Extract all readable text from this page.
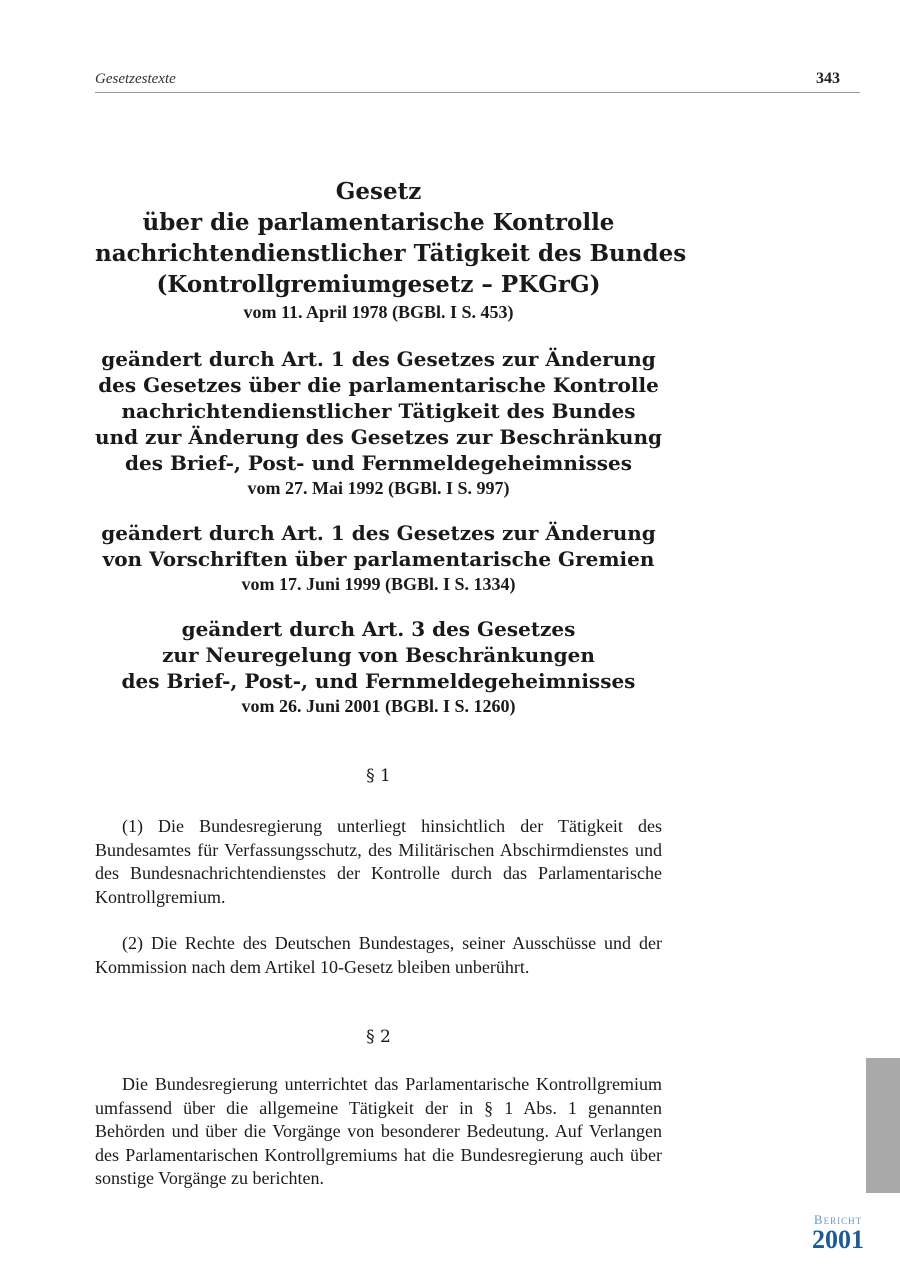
Gesetzestexte	343
Gesetz
über die parlamentarische Kontrolle
nachrichtendienstlicher Tätigkeit des Bundes
(Kontrollgremiumgesetz – PKGrG)
vom 11. April 1978 (BGBl. I S. 453)
geändert durch Art. 1 des Gesetzes zur Änderung
des Gesetzes über die parlamentarische Kontrolle
nachrichtendienstlicher Tätigkeit des Bundes
und zur Änderung des Gesetzes zur Beschränkung
des Brief-, Post- und Fernmeldegeheimnisses
vom 27. Mai 1992 (BGBl. I S. 997)
geändert durch Art. 1 des Gesetzes zur Änderung
von Vorschriften über parlamentarische Gremien
vom 17. Juni 1999 (BGBl. I S. 1334)
geändert durch Art. 3 des Gesetzes
zur Neuregelung von Beschränkungen
des Brief-, Post-, und Fernmeldegeheimnisses
vom 26. Juni 2001 (BGBl. I S. 1260)
§ 1
(1) Die Bundesregierung unterliegt hinsichtlich der Tätigkeit des Bundesamtes für Verfassungsschutz, des Militärischen Abschirmdienstes und des Bundesnachrichtendienstes der Kontrolle durch das Parlamentarische Kontrollgremium.
(2) Die Rechte des Deutschen Bundestages, seiner Ausschüsse und der Kommission nach dem Artikel 10-Gesetz bleiben unberührt.
§ 2
Die Bundesregierung unterrichtet das Parlamentarische Kontrollgremium umfassend über die allgemeine Tätigkeit der in § 1 Abs. 1 genannten Behörden und über die Vorgänge von besonderer Bedeutung. Auf Verlangen des Parlamentarischen Kontrollgremiums hat die Bundesregierung auch über sonstige Vorgänge zu berichten.
Bericht
2001
